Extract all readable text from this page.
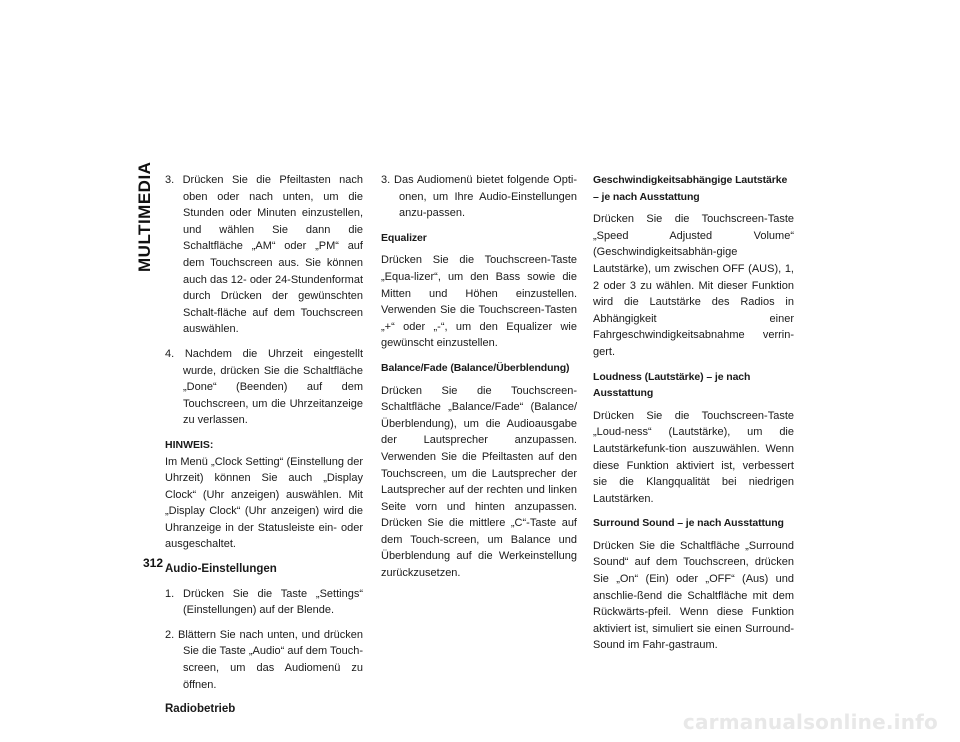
MULTIMEDIA 3. Drücken Sie die Pfeiltasten nach oben oder nach unten, um die Stunden oder Minuten einzustellen, und wählen Sie dann die Schaltfläche „AM“ oder „PM“ auf dem Touchscreen aus. Sie können auch das 12- oder 24-Stundenformat durch Drücken der gewünschten Schalt-fläche auf dem Touchscreen auswählen.

4. Nachdem die Uhrzeit eingestellt wurde, drücken Sie die Schaltfläche „Done“ (Beenden) auf dem Touchscreen, um die Uhrzeitanzeige zu verlassen.

HINWEIS:

Im Menü „Clock Setting“ (Einstellung der Uhrzeit) können Sie auch „Display Clock“ (Uhr anzeigen) auswählen. Mit „Display Clock“ (Uhr anzeigen) wird die Uhranzeige in der Statusleiste ein- oder ausgeschaltet.

Audio-Einstellungen

1. Drücken Sie die Taste „Settings“ (Einstellungen) auf der Blende.

2. Blättern Sie nach unten, und drücken Sie die Taste „Audio“ auf dem Touch-screen, um das Audiomenü zu öffnen.

Radiobetrieb

3. Das Audiomenü bietet folgende Opti-onen, um Ihre Audio-Einstellungen anzu-passen.

Equalizer

Drücken Sie die Touchscreen-Taste „Equa-lizer“, um den Bass sowie die Mitten und Höhen einzustellen. Verwenden Sie die Touchscreen-Tasten „+“ oder „-“, um den Equalizer wie gewünscht einzustellen.

Balance/Fade (Balance/Überblendung)

Drücken Sie die Touchscreen-Schaltfläche „Balance/Fade“ (Balance/Überblendung), um die Audioausgabe der Lautsprecher anzupassen. Verwenden Sie die Pfeiltasten auf den Touchscreen, um die Lautsprecher der Lautsprecher auf der rechten und linken Seite vorn und hinten anzupassen. Drücken Sie die mittlere „C“-Taste auf dem Touch-screen, um Balance und Überblendung auf die Werkeinstellung zurückzusetzen.

Geschwindigkeitsabhängige Lautstärke – je nach Ausstattung

Drücken Sie die Touchscreen-Taste „Speed Adjusted Volume“ (Geschwindigkeitsabhän-gige Lautstärke), um zwischen OFF (AUS), 1, 2 oder 3 zu wählen. Mit dieser Funktion wird die Lautstärke des Radios in Abhängigkeit einer Fahrgeschwindigkeitsabnahme verrin-gert.

Loudness (Lautstärke) – je nach Ausstattung

Drücken Sie die Touchscreen-Taste „Loud-ness“ (Lautstärke), um die Lautstärkefunk-tion auszuwählen. Wenn diese Funktion aktiviert ist, verbessert sie die Klangqualität bei niedrigen Lautstärken.

Surround Sound – je nach Ausstattung

Drücken Sie die Schaltfläche „Surround Sound“ auf dem Touchscreen, drücken Sie „On“ (Ein) oder „OFF“ (Aus) und anschlie-ßend die Schaltfläche mit dem Rückwärts-pfeil. Wenn diese Funktion aktiviert ist, simuliert sie einen Surround-Sound im Fahr-gastraum.

312
carmanualsonline.info
